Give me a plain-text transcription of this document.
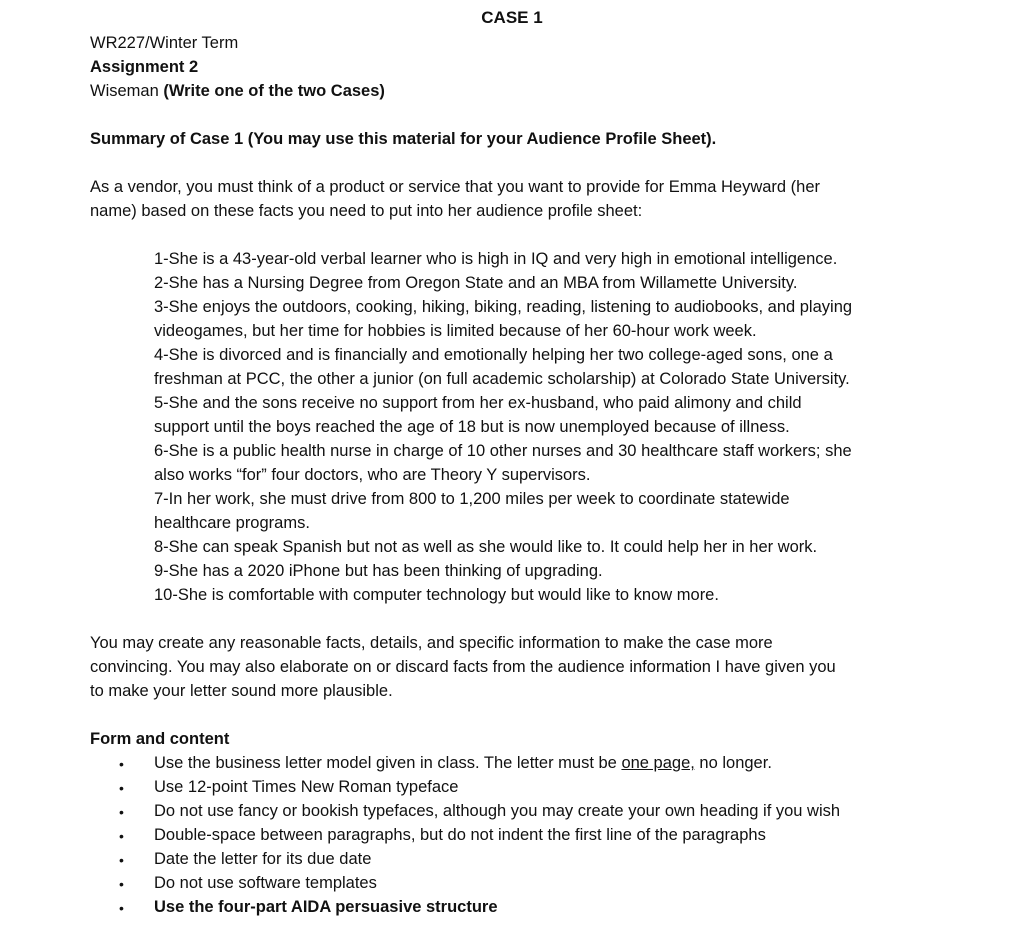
CASE 1
WR227/Winter Term
Assignment 2
Wiseman (Write one of the two Cases)
Summary of Case 1 (You may use this material for your Audience Profile Sheet).
As a vendor, you must think of a product or service that you want to provide for Emma Heyward (her
name) based on these facts you need to put into her audience profile sheet:
1-She is a 43-year-old verbal learner who is high in IQ and very high in emotional intelligence.
2-She has a Nursing Degree from Oregon State and an MBA from Willamette University.
3-She enjoys the outdoors, cooking, hiking, biking, reading, listening to audiobooks, and playing
videogames, but her time for hobbies is limited because of her 60-hour work week.
4-She is divorced and is financially and emotionally helping her two college-aged sons, one a
freshman at PCC, the other a junior (on full academic scholarship) at Colorado State University.
5-She and the sons receive no support from her ex-husband, who paid alimony and child
support until the boys reached the age of 18 but is now unemployed because of illness.
6-She is a public health nurse in charge of 10 other nurses and 30 healthcare staff workers; she
also works “for” four doctors, who are Theory Y supervisors.
7-In her work, she must drive from 800 to 1,200 miles per week to coordinate statewide
healthcare programs.
8-She can speak Spanish but not as well as she would like to. It could help her in her work.
9-She has a 2020 iPhone but has been thinking of upgrading.
10-She is comfortable with computer technology but would like to know more.
You may create any reasonable facts, details, and specific information to make the case more
convincing. You may also elaborate on or discard facts from the audience information I have given you
to make your letter sound more plausible.
Form and content
• Use the business letter model given in class. The letter must be one page, no longer.
• Use 12-point Times New Roman typeface
• Do not use fancy or bookish typefaces, although you may create your own heading if you wish
• Double-space between paragraphs, but do not indent the first line of the paragraphs
• Date the letter for its due date
• Do not use software templates
• Use the four-part AIDA persuasive structure
